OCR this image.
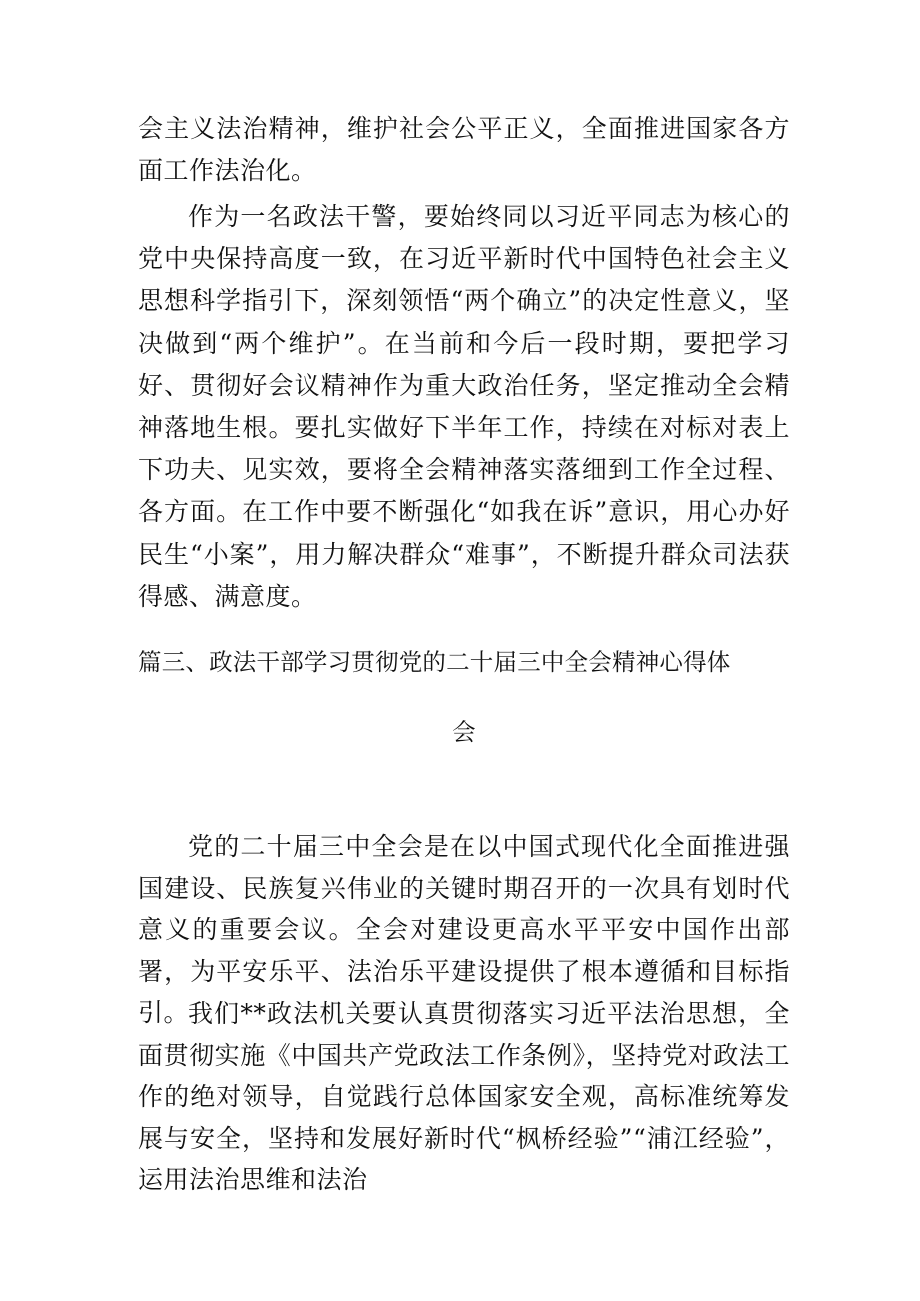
会主义法治精神，维护社会公平正义，全面推进国家各方面工作法治化。

作为一名政法干警，要始终同以习近平同志为核心的党中央保持高度一致，在习近平新时代中国特色社会主义思想科学指引下，深刻领悟“两个确立”的决定性意义，坚决做到“两个维护”。在当前和今后一段时期，要把学习好、贯彻好会议精神作为重大政治任务，坚定推动全会精神落地生根。要扎实做好下半年工作，持续在对标对表上下功夫、见实效，要将全会精神落实落细到工作全过程、各方面。在工作中要不断强化“如我在诉”意识，用心办好民生“小案”，用力解决群众“难事”，不断提升群众司法获得感、满意度。

篇三、政法干部学习贯彻党的二十届三中全会精神心得体
会

党的二十届三中全会是在以中国式现代化全面推进强国建设、民族复兴伟业的关键时期召开的一次具有划时代意义的重要会议。全会对建设更高水平平安中国作出部署，为平安乐平、法治乐平建设提供了根本遵循和目标指引。

我们**政法机关要认真贯彻落实习近平法治思想，全面贯彻实施《中国共产党政法工作条例》，坚持党对政法工作的绝对领导，自觉践行总体国家安全观，高标准统筹发展与安全，坚持和发展好新时代“枫桥经验”“浦江经验”，运用法治思维和法治
